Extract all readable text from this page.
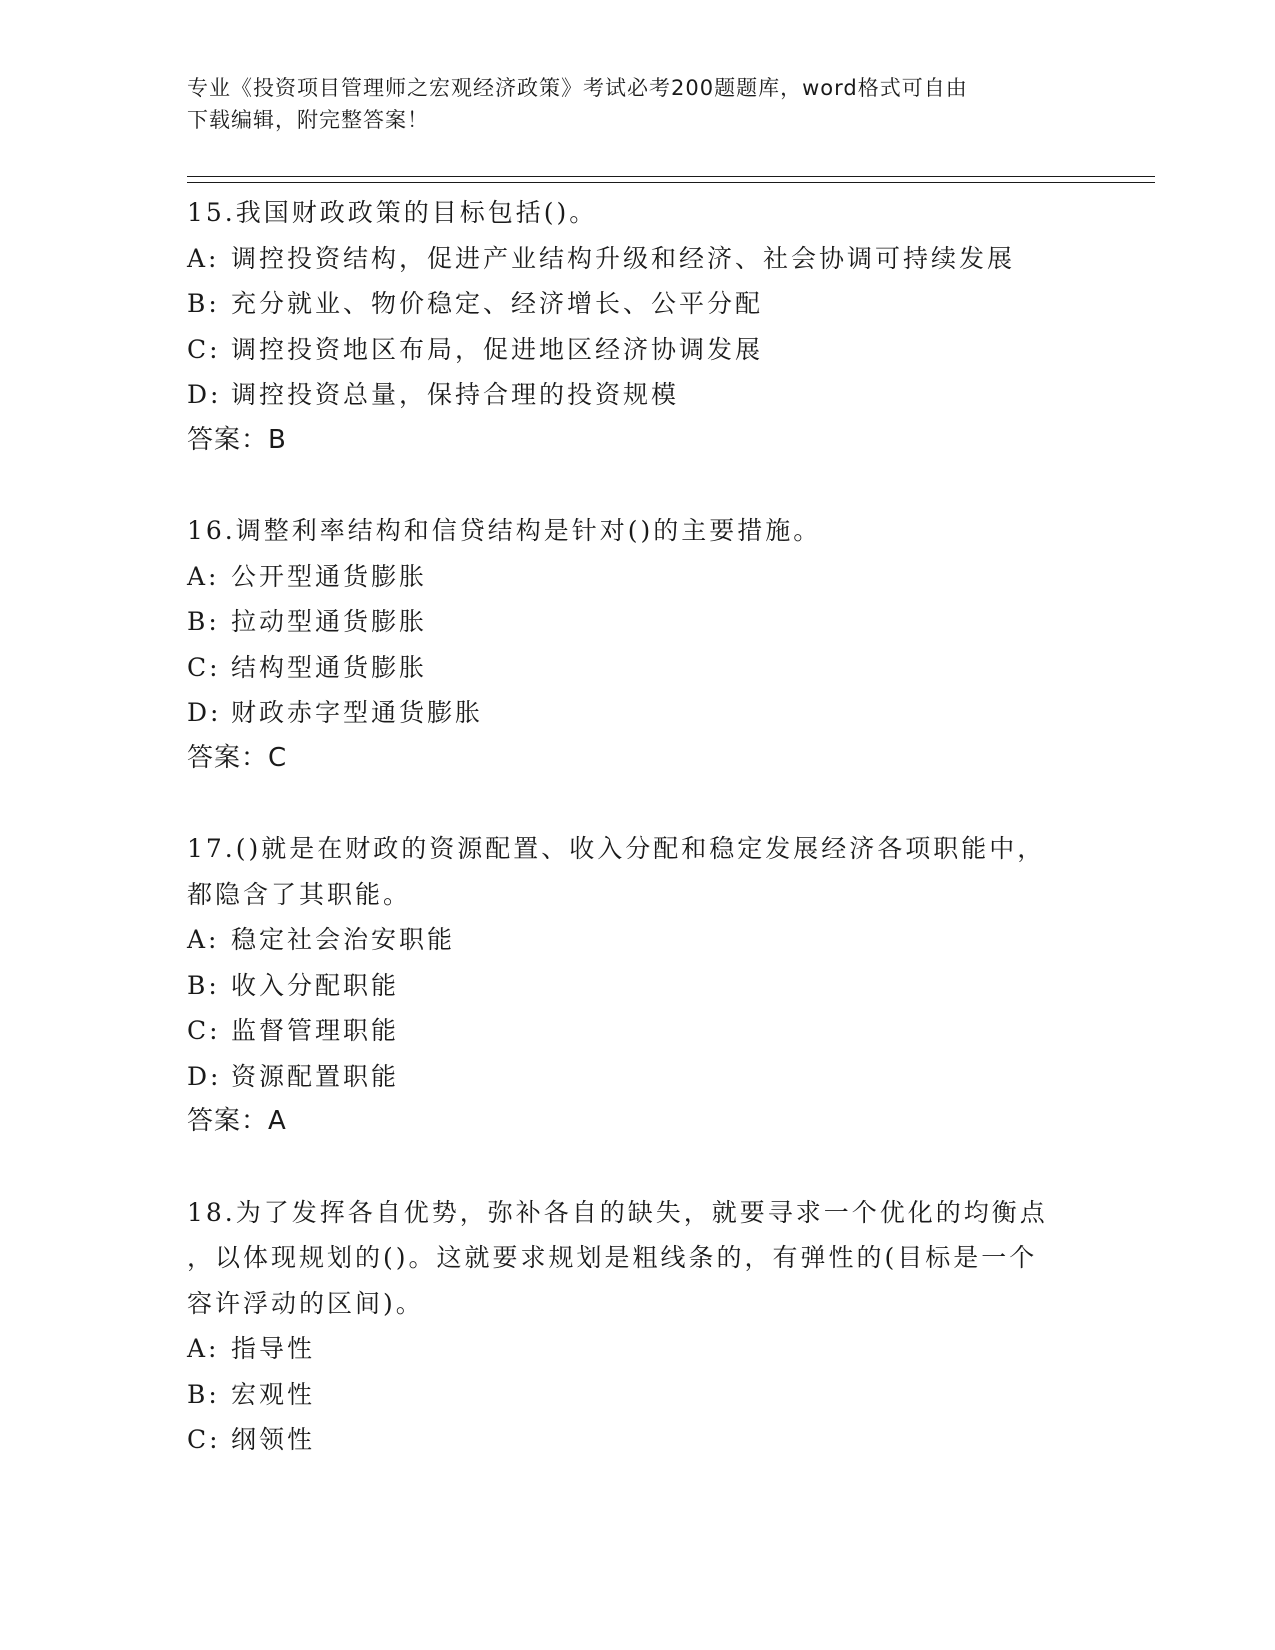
专业《投资项目管理师之宏观经济政策》考试必考200题题库，word格式可自由
下载编辑，附完整答案！
15.我国财政政策的目标包括()。
A: 调控投资结构，促进产业结构升级和经济、社会协调可持续发展
B: 充分就业、物价稳定、经济增长、公平分配
C: 调控投资地区布局，促进地区经济协调发展
D: 调控投资总量，保持合理的投资规模
答案：B
16.调整利率结构和信贷结构是针对()的主要措施。
A: 公开型通货膨胀
B: 拉动型通货膨胀
C: 结构型通货膨胀
D: 财政赤字型通货膨胀
答案：C
17.()就是在财政的资源配置、收入分配和稳定发展经济各项职能中，
都隐含了其职能。
A: 稳定社会治安职能
B: 收入分配职能
C: 监督管理职能
D: 资源配置职能
答案：A
18.为了发挥各自优势，弥补各自的缺失，就要寻求一个优化的均衡点
，以体现规划的()。这就要求规划是粗线条的，有弹性的(目标是一个
容许浮动的区间)。
A: 指导性
B: 宏观性
C: 纲领性
